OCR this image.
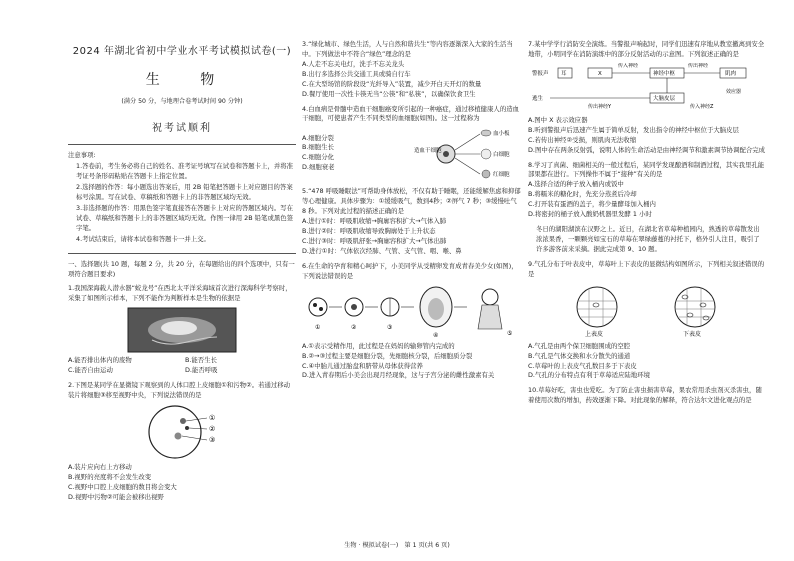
2024 年湖北省初中学业水平考试模拟试卷(一)
生 物
(满分 50 分，与地理合卷考试时间 90 分钟)
祝考试顺利
注意事项:
1.答卷前，考生务必将自己的姓名、准考证号填写在试卷和答题卡上，并将准考证号条形码粘贴在答题卡上指定位置。
2.选择题的作答：每小题选出答案后，用 2B 铅笔把答题卡上对应题目的答案标号涂黑。写在试卷、草稿纸和答题卡上的非答题区域均无效。
3.非选择题的作答：用黑色签字笔直接答在答题卡上对应的答题区域内。写在试卷、草稿纸和答题卡上的非答题区域均无效。作图一律用 2B 铅笔或黑色签字笔。
4.考试结束后，请将本试卷和答题卡一并上交。
一、选择题(共 10 题，每题 2 分，共 20 分，在每题给出的四个选项中，只有一项符合题目要求)
1.我国深海载人潜水器“蛟龙号”在西北太平洋采海域首次进行深海科学考察时，采集了如图所示样本，下列不能作为判断样本是生物的依据是
A.能否排出体内的废物	B.能否生长
C.能否自由运动	D.能否呼吸
2.下图是某同学在显微镜下观察到的人体口腔上皮细胞①和污物②。若通过移动装片将细胞③移至视野中央，下列说法错误的是
①
②
③
A.装片应向右上方移动
B.视野的亮度将不会发生改变
C.视野中口腔上皮细胞的数目将会变大
D.视野中污物②可能会被移出视野
3.“绿化城市、绿色生活，人与自然和谐共生”等内容逐渐深入大家的生活当中。下列做法中不符合“绿色”理念的是
A.人走不忘关电灯，洗手不忘关龙头
B.出行多选择公共交通工具或骑自行车
C.在大型场馆的阶段设“光纤导入”装置，减少开白天开灯的数量
D.餐厅使用一次性卡筷无当“公筷”和“私筷”，以确保饮食卫生
4.白血病是骨髓中造血干细胞癌变所引起的一种癌症，通过移植健康人的造血干细胞，可使患者产生不同类型的血细胞(如图)。这一过程称为
A.细胞分裂
B.细胞生长
C.细胞分化
D.细胞衰老
造血干细胞
血小板
白细胞
红细胞
5.“478 呼吸睡眠法”可帮助身体放松，不仅有助于睡眠，还能缓解焦虑和抑郁等心理健康。具体步骤为：①缓缓吸气，数到4秒；②屏气 7 秒；③缓慢吐气 8 秒。下列对此过程的描述正确的是
A.进行①时：呼吸肌收缩→胸廓容积扩大→气体入肺
B.进行②时：呼吸肌收缩导致胸廓处于上升状态
C.进行③时：呼吸肌舒张→胸廓容积扩大→气体出肺
D.进行①时：气体依次经肺、气管、支气管、咽、喉、鼻
6.在生命的孕育和精心呵护下，小美同学从受精卵发育成青春美少女(如图)，下列说法错误的是
①	②	③
④	⑤
A.①表示受精作用，此过程是在妈妈的输卵管内完成的
B.②→③过程主要是细胞分裂，先细胞核分裂，后细胞质分裂
C.④中胎儿通过胎盘和脐带从母体获得营养
D.进入青春期后小美会出现月经现象，这与子宫分泌的雌性激素有关
7.某中学学行消防安全演练。当警报声响起时，同学们迅速有序地从教室撤离到安全地带，小明同学在消防演练中的部分反射活动的示意图。下列叙述正确的是
警报声 耳	X
传入神经
神经中枢
传出神经
肌肉
大脑皮层
逃生
传出神经Y	传入神经Z
效应器
A.图中 X 表示效应器
B.听到警报声后迅速产生属于简单反射，发出指令的神经中枢位于大脑皮层
C.若传出神经②受损，则肌肉无法收缩
D.图中存在两条反射弧，说明人体的生命活动是由神经调节和激素调节协调配合完成
8.学习了真菌、细菌相关的一般过程后，某同学发现酿酒和制酒过程，其实我里孔能部果都在进行。下列操作不属于“接种”有关的是
A.选择合适的种子放入桶内或饭中
B.将糯米的糖化时，先充分蒸煮后冷却
C.打开装有蛋酒的盖子，将少量酵母加入桶内
D.将密封的桶子放入酸奶机器里发酵 1 小时
冬日的湖阳湖滨在汉野之上。近日，在湖北省草莓种植园内，熟透的草莓散发出浓浓果香，一颗颗亮如宝石的草莓在翠绿藤蔓的衬托下，格外引人注目，吸引了许多游客前来采摘。据此完成第 9、10 题。
9.气孔分布于叶表皮中，草莓叶上下表皮的显微结构如图所示，下列相关叙述错误的是
上表皮	下表皮
A.气孔是由两个保卫细胞围成的空腔
B.气孔是气体交换和水分散失的通道
C.草莓叶的上表皮气孔数目多于下表皮
D.气孔的分布特点有利于草莓适应陆地环境
10.草莓好吃，害虫也爱吃。为了防止害虫损害草莓，果农常用杀虫剂灭杀害虫，随着使用次数的增加，药效逐渐下降。对此现象的解释，符合达尔文进化观点的是
生物 · 模拟试卷(一)　第 1 页(共 6 页)
